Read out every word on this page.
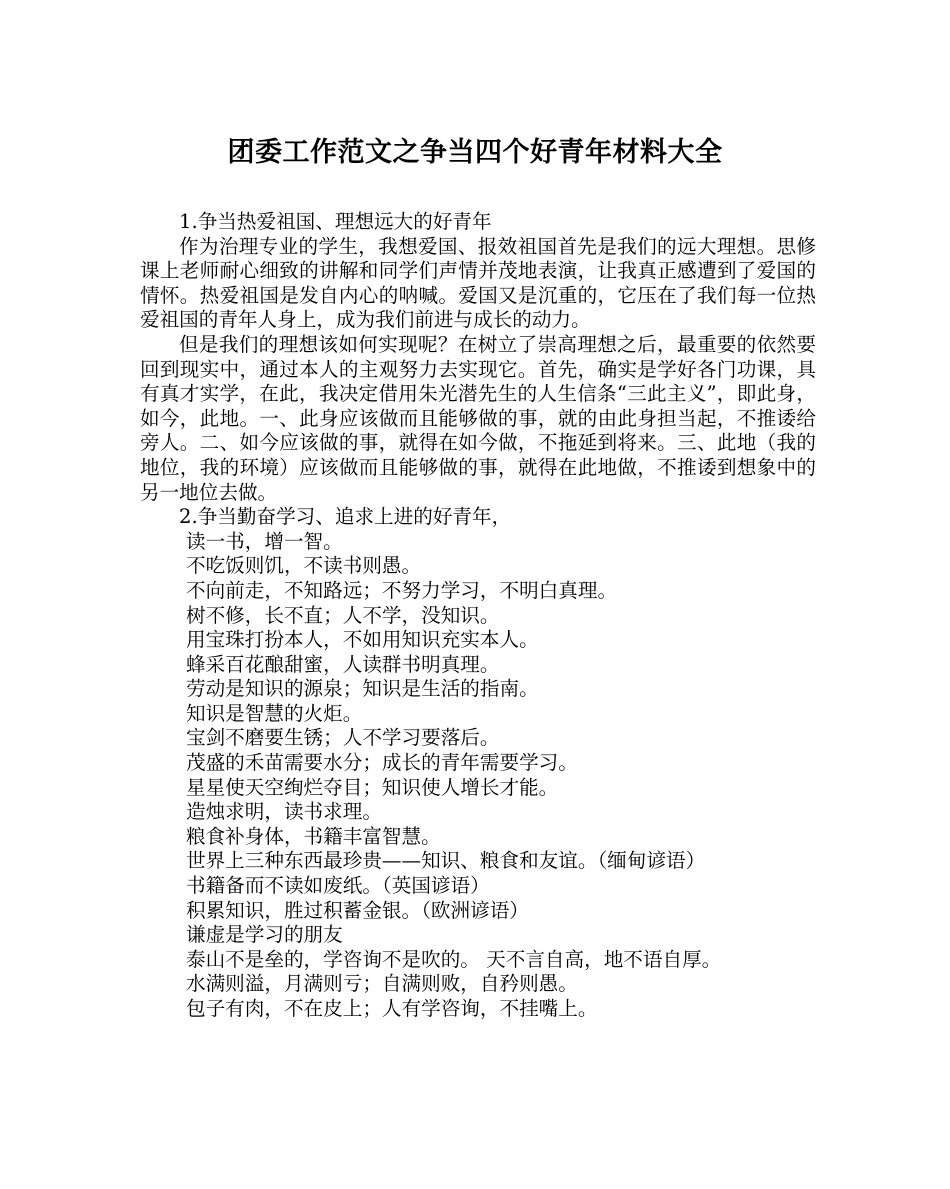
团委工作范文之争当四个好青年材料大全

1.争当热爱祖国、理想远大的好青年

作为治理专业的学生，我想爱国、报效祖国首先是我们的远大理想。思修课上老师耐心细致的讲解和同学们声情并茂地表演，让我真正感遭到了爱国的情怀。热爱祖国是发自内心的呐喊。爱国又是沉重的，它压在了我们每一位热爱祖国的青年人身上，成为我们前进与成长的动力。

但是我们的理想该如何实现呢？在树立了崇高理想之后，最重要的依然要回到现实中，通过本人的主观努力去实现它。首先，确实是学好各门功课，具有真才实学，在此，我决定借用朱光潜先生的人生信条“三此主义”，即此身，如今，此地。一、此身应该做而且能够做的事，就的由此身担当起，不推诿给旁人。二、如今应该做的事，就得在如今做，不拖延到将来。三、此地（我的地位，我的环境）应该做而且能够做的事，就得在此地做，不推诿到想象中的另一地位去做。

2.争当勤奋学习、追求上进的好青年，

读一书，增一智。

不吃饭则饥，不读书则愚。

不向前走，不知路远；不努力学习，不明白真理。

树不修，长不直；人不学，没知识。

用宝珠打扮本人，不如用知识充实本人。

蜂采百花酿甜蜜，人读群书明真理。

劳动是知识的源泉；知识是生活的指南。

知识是智慧的火炬。

宝剑不磨要生锈；人不学习要落后。

茂盛的禾苗需要水分；成长的青年需要学习。

星星使天空绚烂夺目；知识使人增长才能。

造烛求明，读书求理。

粮食补身体，书籍丰富智慧。

世界上三种东西最珍贵——知识、粮食和友谊。（缅甸谚语）

书籍备而不读如废纸。（英国谚语）

积累知识，胜过积蓄金银。（欧洲谚语）

谦虚是学习的朋友

泰山不是垒的，学咨询不是吹的。 天不言自高，地不语自厚。

水满则溢，月满则亏；自满则败，自矜则愚。

包子有肉，不在皮上；人有学咨询，不挂嘴上。
